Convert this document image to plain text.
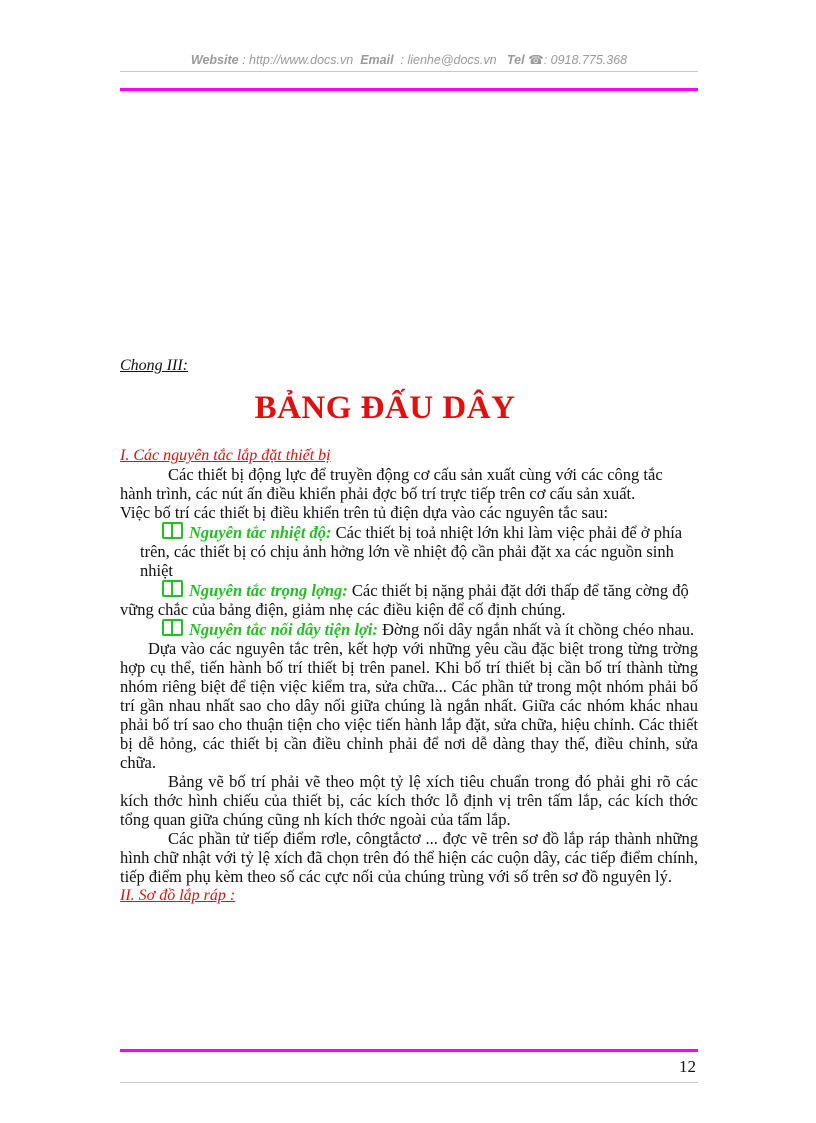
Website : http://www.docs.vn Email : lienhe@docs.vn Tel ☎: 0918.775.368
Chong III:
BẢNG ĐẤU DÂY

I. Các nguyên tắc lắp đặt thiết bị

Các thiết bị động lực để truyền động cơ cấu sản xuất cùng với các công tắc hành trình, các nút ấn điều khiển phải đợc bố trí trực tiếp trên cơ cấu sản xuất.

Việc bố trí các thiết bị điều khiển trên tủ điện dựa vào các nguyên tắc sau:

Nguyên tắc nhiệt độ: Các thiết bị toả nhiệt lớn khi làm việc phải để ở phía trên, các thiết bị có chịu ảnh hởng lớn về nhiệt độ cần phải đặt xa các nguồn sinh nhiệt

Nguyên tắc trọng lợng: Các thiết bị nặng phải đặt dới thấp để tăng cờng độ vững chắc của bảng điện, giảm nhẹ các điều kiện để cố định chúng.

Nguyên tắc nối dây tiện lợi: Đờng nối dây ngắn nhất và ít chồng chéo nhau.

Dựa vào các nguyên tắc trên, kết hợp với những yêu cầu đặc biệt trong từng trờng hợp cụ thể, tiến hành bố trí thiết bị trên panel. Khi bố trí thiết bị cần bố trí thành từng nhóm riêng biệt để tiện việc kiểm tra, sửa chữa... Các phần tử trong một nhóm phải bố trí gần nhau nhất sao cho dây nối giữa chúng là ngắn nhất. Giữa các nhóm khác nhau phải bố trí sao cho thuận tiện cho việc tiến hành lắp đặt, sửa chữa, hiệu chỉnh. Các thiết bị dễ hỏng, các thiết bị cần điều chỉnh phải để nơi dễ dàng thay thế, điều chỉnh, sửa chữa.

Bảng vẽ bố trí phải vẽ theo một tỷ lệ xích tiêu chuẩn trong đó phải ghi rõ các kích thớc hình chiếu của thiết bị, các kích thớc lỗ định vị trên tấm lắp, các kích thớc tổng quan giữa chúng cũng nh kích thớc ngoài của tấm lắp.

Các phần tử tiếp điểm rơle, côngtắctơ ... đợc vẽ trên sơ đồ lắp ráp thành những hình chữ nhật với tỷ lệ xích đã chọn trên đó thể hiện các cuộn dây, các tiếp điểm chính, tiếp điểm phụ kèm theo số các cực nối của chúng trùng với số trên sơ đồ nguyên lý.

II. Sơ đồ lắp ráp :

12
